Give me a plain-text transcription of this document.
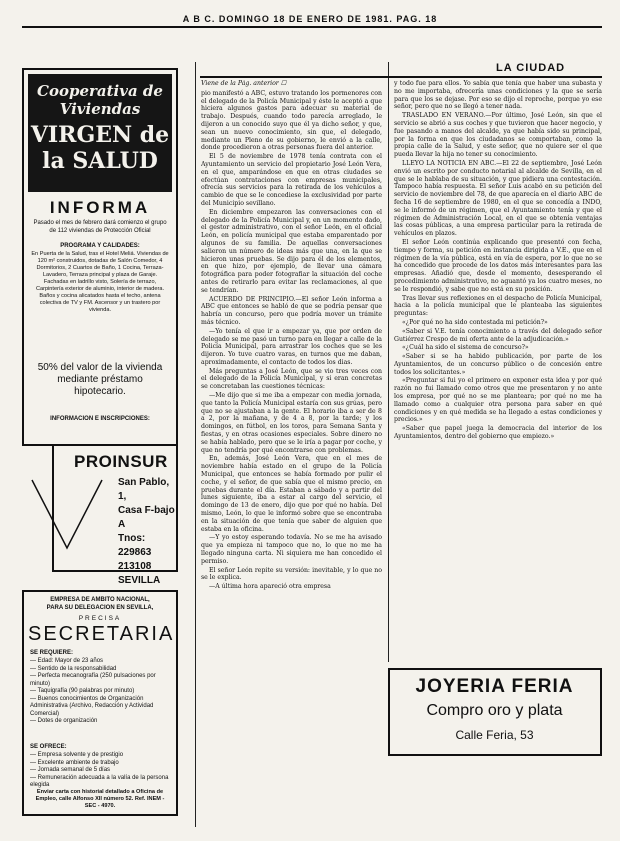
A B C. DOMINGO 18 DE ENERO DE 1981. PAG. 18
Cooperativa de
Viviendas
VIRGEN de
la SALUD
INFORMA
Pasado el mes de febrero dará comienzo el grupo de 112 viviendas de Protección Oficial
PROGRAMA Y CALIDADES:
En Puerta de la Salud, tras el Hotel Meliá. Viviendas de 120 m² construidos, dotadas de Salón Comedor, 4 Dormitorios, 2 Cuartos de Baño, 1 Cocina, Terraza-Lavadero, Terraza principal y plaza de Garaje. Fachadas en ladrillo visto, Solería de terrazo, Carpintería exterior de aluminio, interior de madera. Baños y cocina alicatados hasta el techo, antena colectiva de TV y FM. Ascensor y un trastero por vivienda.
50% del valor de la vivienda mediante préstamo hipotecario.
INFORMACION E INSCRIPCIONES:
PROINSUR
San Pablo, 1,
Casa F-bajo A
Tnos: 229863
213108
SEVILLA
EMPRESA DE AMBITO NACIONAL,
PARA SU DELEGACION EN SEVILLA,
PRECISA
SECRETARIA
SE REQUIERE:
— Edad: Mayor de 23 años
— Sentido de la responsabilidad
— Perfecta mecanografía (250 pulsaciones por minuto)
— Taquigrafía (90 palabras por minuto)
— Buenos conocimientos de Organización Administrativa (Archivo, Redacción y Actividad Comercial)
— Dotes de organización
SE OFRECE:
— Empresa solvente y de prestigio
— Excelente ambiente de trabajo
— Jornada semanal de 5 días
— Remuneración adecuada a la valía de la persona elegida
Enviar carta con historial detallado a Oficina de Empleo, calle Alfonso XII número 52. Ref. INEM - SEC - 4970.
LA CIUDAD
Viene de la Pág. anterior ☐

pio manifestó a ABC, estuvo tratando los pormenores con el delegado de la Policía Municipal y éste le aceptó a que hiciera algunos gastos para adecuar su material de trabajo. Después, cuando todo parecía arreglado, le dijeron a un conocido suyo que él ya dicho señor, y que, sean un nuevo conocimiento, sin que, el delegado, mediante un Pleno de su gobierno, le envió a la calle, donde procedieron a otras personas fuera del anterior.

El 5 de noviembre de 1978 tenía contrata con el Ayuntamiento un servicio del propietario José León Vera, en el que, amparándose en que en otras ciudades se efectúan contrataciones con empresas municipales, ofrecía sus servicios para la retirada de los vehículos a cambio de que se le concediese la exclusividad por parte del Municipio sevillano.

En diciembre empezaron las conversaciones con el delegado de la Policía Municipal y, en un momento dado, el gestor administrativo, con el señor León, en el oficial León, en policía municipal que estaba emparentado por algunos de su familia. De aquellas conversaciones salieron un número de ideas más que una, en la que se hicieron unas pruebas. Se dijo para él de los elementos, en que hizo, por ejemplo, de llevar una cámara fotográfica para poder fotografiar la situación del coche antes de retirarlo para evitar las reclamaciones, al que se tendrían.

ACUERDO DE PRINCIPIO.—El señor León informa a ABC que entonces se habló de que se podría pensar que habría un concurso, pero que podría mover un trámite más técnico.

—Yo tenía el que ir a empezar ya, que por orden de delegado se me pasó un turno para en llegar a calle de la Policía Municipal, para arrastrar los coches que se les dijeron. Yo tuve cuatro varas, en turnos que me daban, aproximadamente, el contacto de todos los dias.

Más preguntas a José León, que se vio tres veces con el delegado de la Policía Municipal, y si eran concretas se concretaban las cuestiones técnicas:

—Me dijo que si me iba a empezar con media jornada, que tanto la Policía Municipal estaría con sus grúas, pero que no se ajustaban a la gente. El horario iba a ser de 8 a 2, por la mañana, y de 4 a 8, por la tarde; y los domingos, en fútbol, en los toros, para Semana Santa y fiestas, y en otras ocasiones especiales. Sobre dinero no se había hablado, pero que se le iría a pagar por coche, y que no tendría por qué encontrarse con problemas.

En, además, José León Vera, que en el mes de noviembre había estado en el grupo de la Policía Municipal, que entonces se había formado por pulir el coche, y el señor, de que sabía que el mismo precio, en pruebas durante el día. Estaban a sábado y a partir del lunes siguiente, iba a estar al cargo del servicio, el domingo de 13 de enero, dijo que por qué no había. Del mismo, León, lo que le informó sobre que se encontraba en la situación de que tenía que saber de alguien que estaba en la oficina.

—Y yo estoy esperando todavía. No se me ha avisado que ya empieza ni tampoco que no, lo que no me ha llegado ninguna carta. Ni siquiera me han concedido el permiso.

El señor León repite su versión: inevitable, y lo que no se le explica.

—A última hora apareció otra empresa

y todo fue para ellos. Yo sabía que tenía que haber una subasta y no me importaba, ofrecería unas condiciones y la que se sería para que los se dejase. Por eso se dijo el reproche, porque yo ese señor, pero que no se llegó a tener nada.

TRASLADO EN VERANO.—Por último, José León, sin que el servicio se abrió a sus coches y que tuvieron que hacer negocio, y fue pasando a manos del alcalde, ya que había sido su principal, por la forma en que los ciudadanos se comportaban, como la propia calle de la Salud, y este señor, que no quiere ser el que pueda llevar la hija no tener su conocimiento.

LLEYO LA NOTICIA EN ABC.—El 22 de septiembre, José León envió un escrito por conducto notarial al alcalde de Sevilla, en el que se le hablaba de su situación, y que pidiera una contestación. Tampoco había respuesta. El señor Luis acabó en su petición del servicio de noviembre del 78, de que aparecía en el diario ABC de fecha 16 de septiembre de 1980, en el que se concedía a INDO, se le informó de un régimen, que el Ayuntamiento tenía y que el régimen de Administración Local, en el que se obtenía ventajas las cosas públicas, a una empresa particular para la retirada de vehículos en plazos.

El señor León continúa explicando que presentó con fecha, tiempo y forma, su petición en instancia dirigida a V.E., que en el régimen de la vía pública, está en vía de espera, por lo que no se ha concedido que procede de los datos más interesantes para las empresas. Añadió que, desde el momento, desesperando el procedimiento administrativo, no aguantó ya los cuatro meses, no se le respondió, y sabe que no está en su posición.

Tras llevar sus reflexiones en el despacho de Policía Municipal, hacia a la policía municipal que le planteaba las siguientes preguntas:

«¿Por qué no ha sido contestada mi petición?»

«Saber si V.E. tenía conocimiento a través del delegado señor Gutiérrez Crespo de mi oferta ante de la adjudicación.»

«¿Cuál ha sido el sistema de concurso?»

«Saber si se ha habido publicación, por parte de los Ayuntamientos, de un concurso público o de concesión entre todos los solicitantes.»

«Preguntar si fui yo el primero en exponer esta idea y por qué razón no fui llamado como otros que me presentaron y no ante los empresa, por qué no se me planteara; por qué no me ha llamado como a cualquier otra persona para saber en qué condiciones y en qué medida se ha llegado a estas condiciones y precios.»

«Saber que papel juega la democracia del interior de los Ayuntamientos, dentro del gobierno que empiezo.»

JOYERIA FERIA
Compro oro y plata
Calle Feria, 53
